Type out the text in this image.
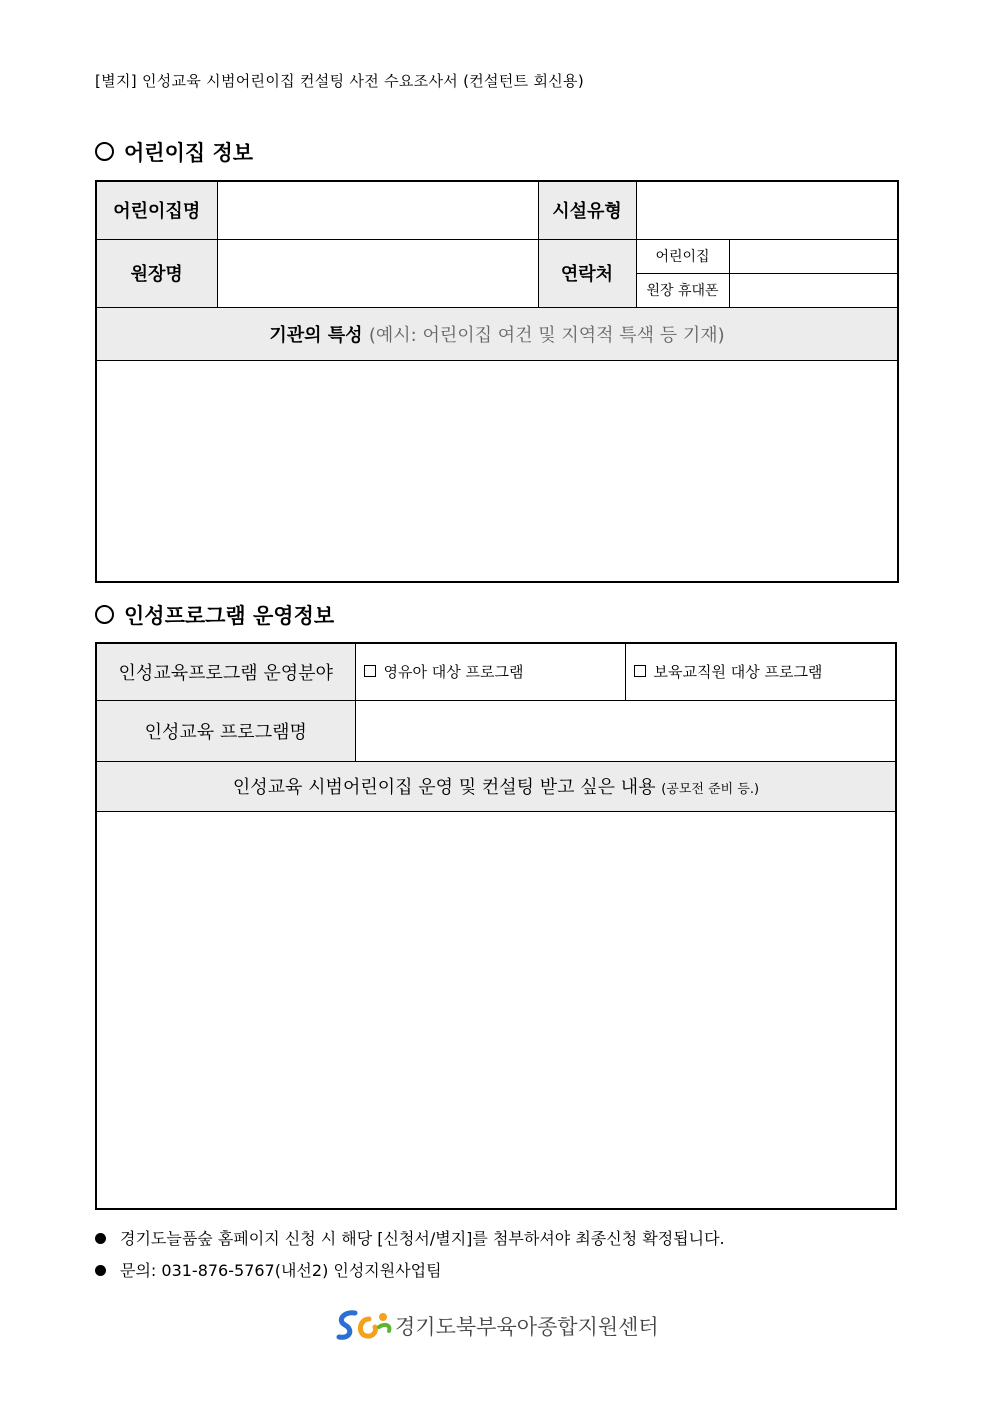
[별지] 인성교육 시범어린이집 컨설팅 사전 수요조사서 (컨설턴트 회신용)
어린이집 정보
어린이집명		시설유형		
원장명		연락처	어린이집	
			원장 휴대폰	
기관의 특성 (예시: 어린이집 여건 및 지역적 특색 등 기재)				

인성프로그램 운영정보
인성교육프로그램 운영분야	영유아 대상 프로그램	보육교직원 대상 프로그램
인성교육 프로그램명		
인성교육 시범어린이집 운영 및 컨설팅 받고 싶은 내용 (공모전 준비 등.)		

경기도늘품숲 홈페이지 신청 시 해당 [신청서/별지]를 첨부하셔야 최종신청 확정됩니다.
문의: 031-876-5767(내선2) 인성지원사업팀
경기도북부육아종합지원센터
